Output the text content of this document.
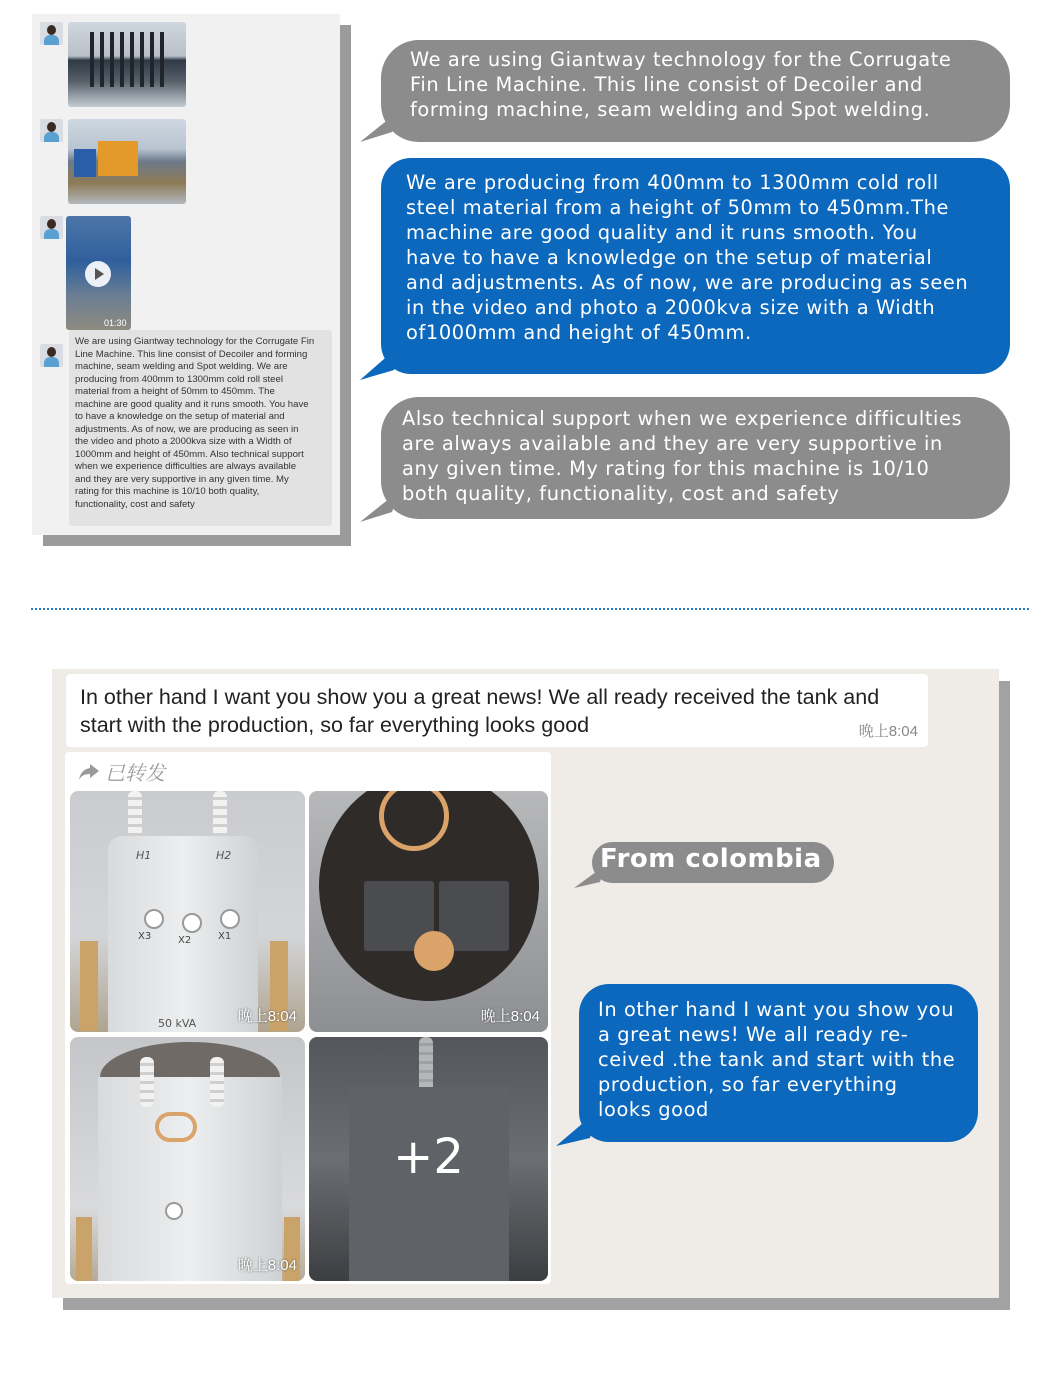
01:30

We are using Giantway technology for the Corrugate Fin
Line Machine. This line consist of Decoiler and forming
machine, seam welding and Spot welding. We are
producing from 400mm to 1300mm cold roll steel
material from a height of 50mm to 450mm. The
machine are good quality and it runs smooth. You have
to have a knowledge on the setup of material and
adjustments. As of now, we are producing as seen in
the video and photo a 2000kva size with a Width of
1000mm and height of 450mm. Also technical support
when we experience difficulties are always available
and they are very supportive in any given time. My
rating for this machine is 10/10 both quality,
functionality, cost and safety

We are using Giantway technology for the Corrugate
Fin Line Machine. This line consist of Decoiler and
forming machine, seam welding and Spot welding.
We are producing from 400mm to 1300mm cold roll
steel material from a height of 50mm to 450mm.The
machine are good quality and it runs smooth. You
have to have a knowledge on the setup of material
and adjustments. As of now, we are producing as seen
in the video and photo a 2000kva size with a Width
of1000mm and height of 450mm.
Also technical support when we experience difficulties
are always available and they are very supportive in
any given time. My rating for this machine is 10/10
both quality, functionality, cost and safety
In other hand I want you show you a great news! We all ready received the tank and
start with the production, so far everything looks good	晚上8:04
已转发
H1	H2
X3	X2	X1
50 kVA	晚上8:04	晚上8:04
晚上8:04
+2
From colombia
In other hand I want you show you
a great news! We all ready re-
ceived .the tank and start with the
production, so far everything
looks good
